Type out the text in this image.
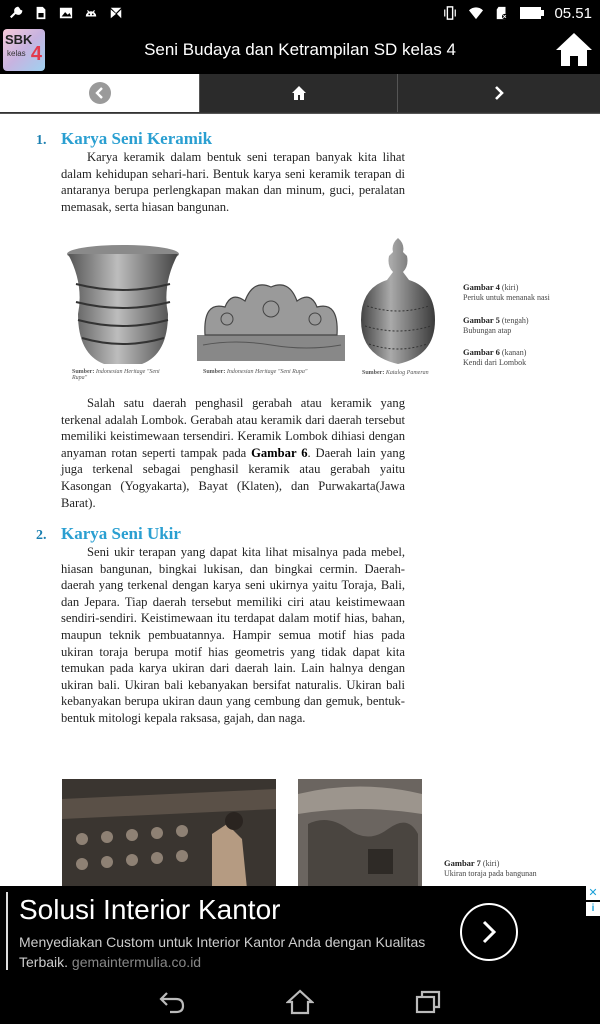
05.51
SBK
kelas 4	Seni Budaya dan Ketrampilan SD kelas 4
1. Karya Seni Keramik

Karya keramik dalam bentuk seni terapan banyak kita lihat dalam kehidupan sehari-hari. Bentuk karya seni keramik terapan di antaranya berupa perlengkapan makan dan minum, guci, peralatan memasak, serta hiasan bangunan.

Sumber: Indonesian Heritage "Seni Rupa"
Sumber: Indonesian Heritage "Seni Rupa"	Sumber: Katalog Pameran
Gambar 4 (kiri)
Periuk untuk menanak nasi
Gambar 5 (tengah)
Bubungan atap
Gambar 6 (kanan)
Kendi dari Lombok

Salah satu daerah penghasil gerabah atau keramik yang terkenal adalah Lombok. Gerabah atau keramik dari daerah tersebut memiliki keistimewaan tersendiri. Keramik Lombok dihiasi dengan anyaman rotan seperti tampak pada Gambar 6. Daerah lain yang juga terkenal sebagai penghasil keramik atau gerabah yaitu Kasongan (Yogyakarta), Bayat (Klaten), dan Purwakarta(Jawa Barat).

2. Karya Seni Ukir

Seni ukir terapan yang dapat kita lihat misalnya pada mebel, hiasan bangunan, bingkai lukisan, dan bingkai cermin. Daerah-daerah yang terkenal dengan karya seni ukirnya yaitu Toraja, Bali, dan Jepara. Tiap daerah tersebut memiliki ciri atau keistimewaan sendiri-sendiri. Keistimewaan itu terdapat dalam motif hias, bahan, maupun teknik pembuatannya. Hampir semua motif hias pada ukiran toraja berupa motif hias geometris yang tidak dapat kita temukan pada karya ukiran dari daerah lain. Lain halnya dengan ukiran bali. Ukiran bali kebanyakan bersifat naturalis. Ukiran bali kebanyakan berupa ukiran daun yang cembung dan gemuk, bentuk-bentuk mitologi kepala raksasa, gajah, dan naga.

Gambar 7 (kiri)
Ukiran toraja pada bangunan
Solusi Interior Kantor
Menyediakan Custom untuk Interior Kantor Anda dengan Kualitas Terbaik. gemaintermulia.co.id
✕
i
